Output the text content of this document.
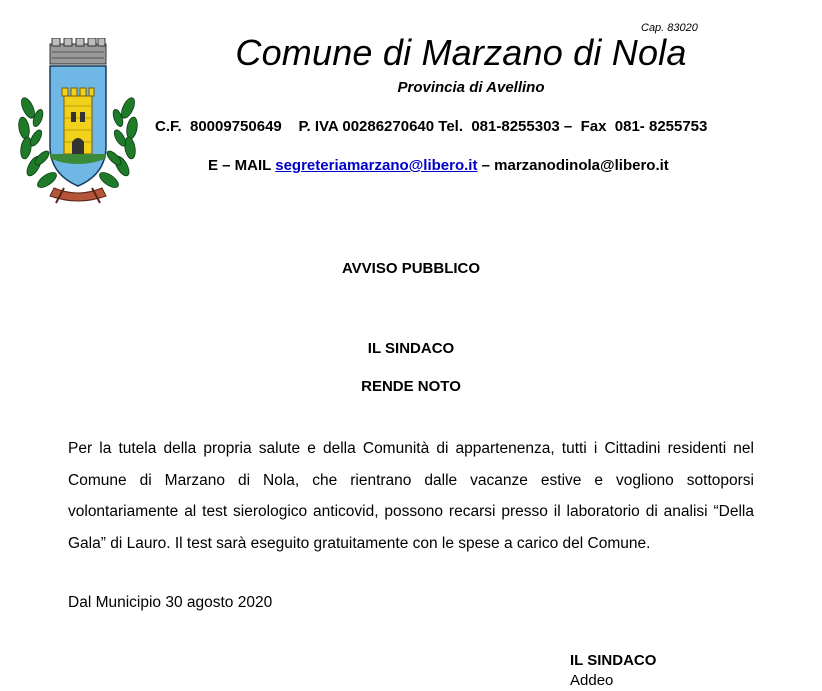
Cap. 83020
Comune di Marzano di Nola
Provincia di Avellino
C.F.  80009750649    P. IVA 00286270640 Tel.  081-8255303 –  Fax  081- 8255753
E – MAIL segreteriamarzano@libero.it – marzanodinola@libero.it
AVVISO PUBBLICO
IL SINDACO
RENDE NOTO
Per la tutela della propria salute e della Comunità di appartenenza, tutti i Cittadini residenti nel Comune di Marzano di Nola, che rientrano dalle vacanze estive e vogliono sottoporsi volontariamente al test sierologico anticovid, possono recarsi presso il laboratorio di analisi “Della Gala” di Lauro. Il test sarà eseguito gratuitamente con le spese a carico del Comune.
Dal Municipio 30 agosto 2020
IL SINDACO
Addeo
